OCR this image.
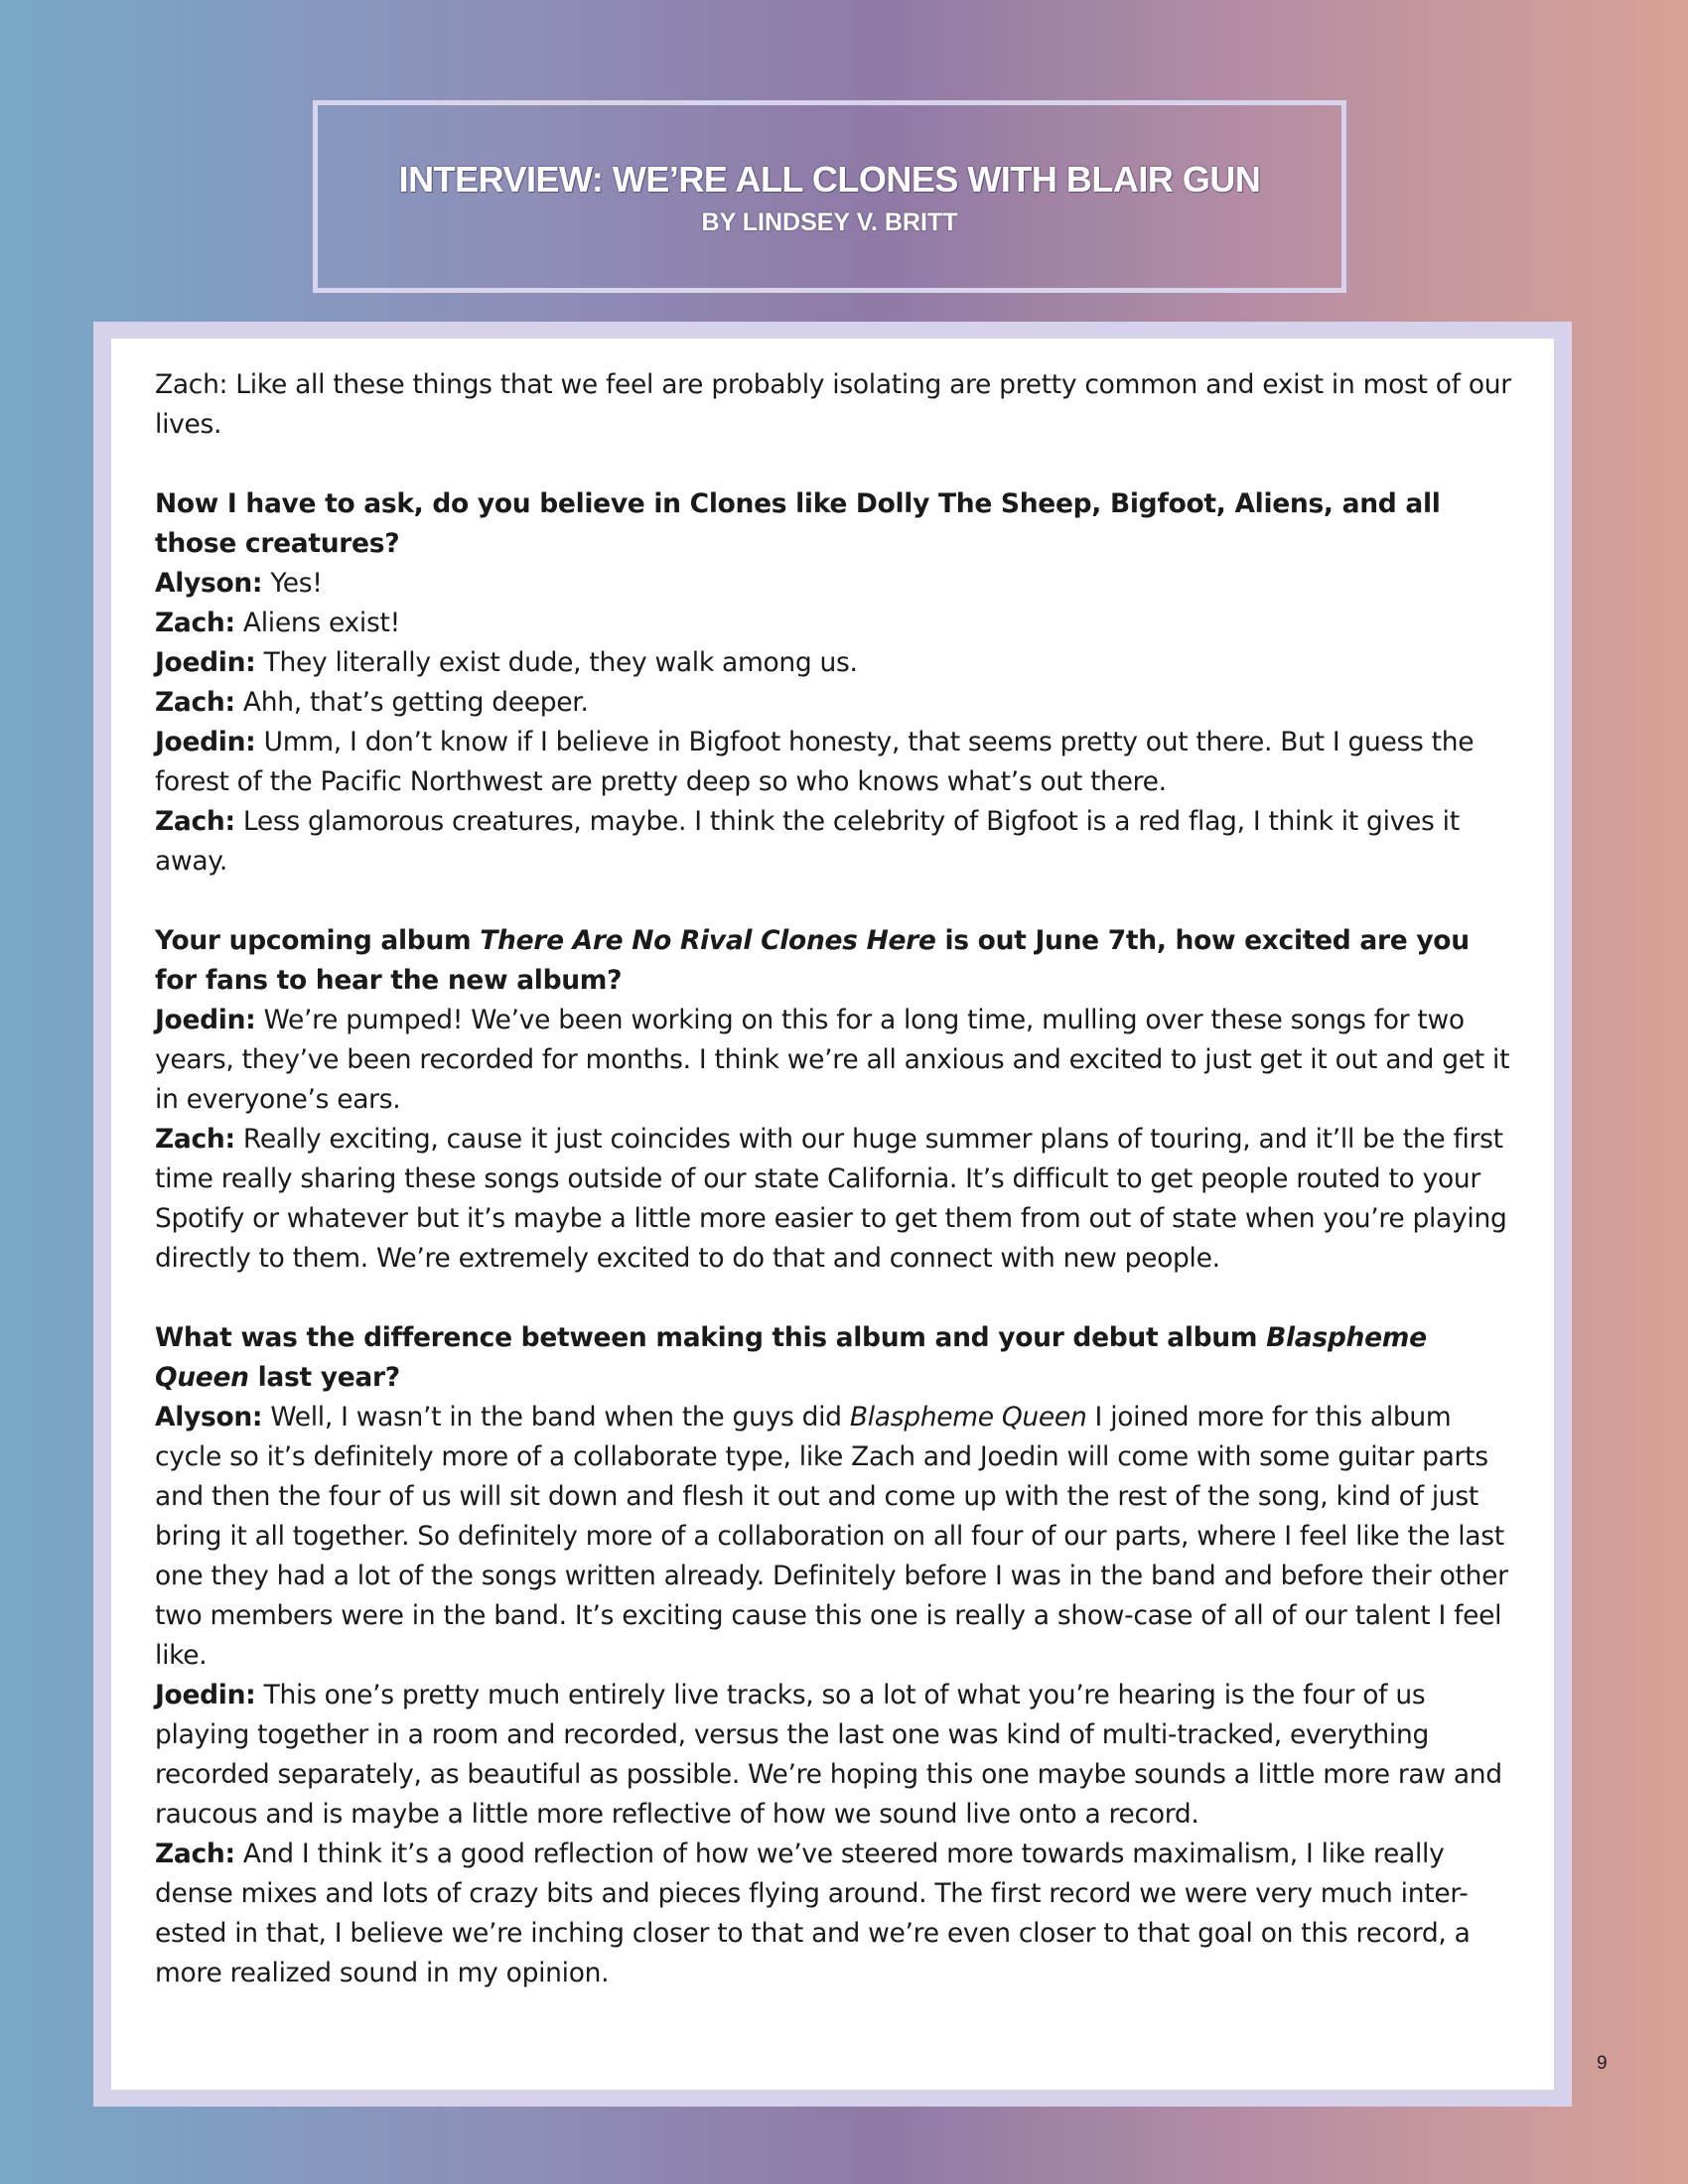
INTERVIEW: WE’RE ALL CLONES WITH BLAIR GUN
BY LINDSEY V. BRITT

Zach: Like all these things that we feel are probably isolating are pretty common and exist in most of our lives.

Now I have to ask, do you believe in Clones like Dolly The Sheep, Bigfoot, Aliens, and all those creatures?
Alyson: Yes!
Zach: Aliens exist!
Joedin: They literally exist dude, they walk among us.
Zach: Ahh, that’s getting deeper.
Joedin: Umm, I don’t know if I believe in Bigfoot honesty, that seems pretty out there. But I guess the forest of the Pacific Northwest are pretty deep so who knows what’s out there.
Zach: Less glamorous creatures, maybe. I think the celebrity of Bigfoot is a red flag, I think it gives it away.

Your upcoming album There Are No Rival Clones Here is out June 7th, how excited are you for fans to hear the new album?
Joedin: We’re pumped! We’ve been working on this for a long time, mulling over these songs for two years, they’ve been recorded for months. I think we’re all anxious and excited to just get it out and get it in everyone’s ears.
Zach: Really exciting, cause it just coincides with our huge summer plans of touring, and it’ll be the first time really sharing these songs outside of our state California. It’s difficult to get people routed to your Spotify or whatever but it’s maybe a little more easier to get them from out of state when you’re playing directly to them. We’re extremely excited to do that and connect with new people.

What was the difference between making this album and your debut album Blaspheme Queen last year?
Alyson: Well, I wasn’t in the band when the guys did Blaspheme Queen I joined more for this album cycle so it’s definitely more of a collaborate type, like Zach and Joedin will come with some guitar parts and then the four of us will sit down and flesh it out and come up with the rest of the song, kind of just bring it all together. So definitely more of a collaboration on all four of our parts, where I feel like the last one they had a lot of the songs written already. Definitely before I was in the band and before their other two members were in the band. It’s exciting cause this one is really a show-case of all of our talent I feel like.
Joedin: This one’s pretty much entirely live tracks, so a lot of what you’re hearing is the four of us playing together in a room and recorded, versus the last one was kind of multi-tracked, everything recorded separately, as beautiful as possible. We’re hoping this one maybe sounds a little more raw and raucous and is maybe a little more reflective of how we sound live onto a record.
Zach: And I think it’s a good reflection of how we’ve steered more towards maximalism, I like really dense mixes and lots of crazy bits and pieces flying around. The first record we were very much inter-ested in that, I believe we’re inching closer to that and we’re even closer to that goal on this record, a more realized sound in my opinion.

9
